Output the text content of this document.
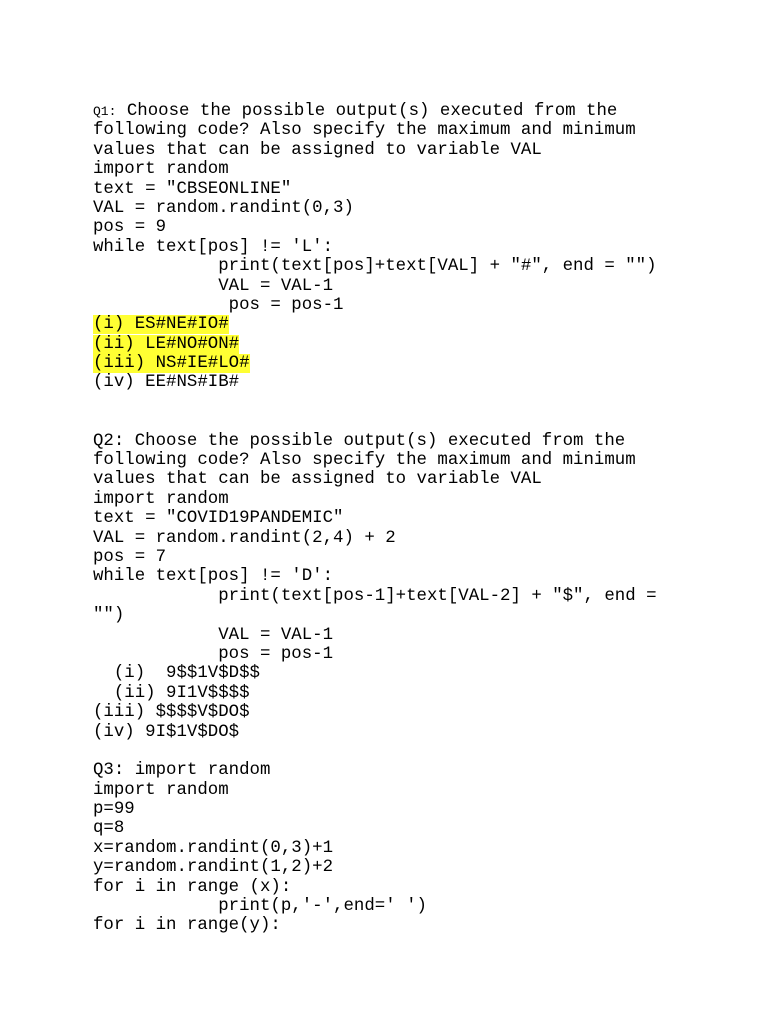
Q1: Choose the possible output(s) executed from the
following code? Also specify the maximum and minimum
values that can be assigned to variable VAL
import random
text = "CBSEONLINE"
VAL = random.randint(0,3)
pos = 9
while text[pos] != 'L':
print(text[pos]+text[VAL] + "#", end = "")
VAL = VAL-1
pos = pos-1
(i) ES#NE#IO#
(ii) LE#NO#ON#
(iii) NS#IE#LO#
(iv) EE#NS#IB#
Q2: Choose the possible output(s) executed from the
following code? Also specify the maximum and minimum
values that can be assigned to variable VAL
import random
text = "COVID19PANDEMIC"
VAL = random.randint(2,4) + 2
pos = 7
while text[pos] != 'D':
print(text[pos-1]+text[VAL-2] + "$", end =
"")
VAL = VAL-1
pos = pos-1
(i)  9$$1V$D$$
(ii) 9I1V$$$$
(iii) $$$$V$DO$
(iv) 9I$1V$DO$
Q3: import random
import random
p=99
q=8
x=random.randint(0,3)+1
y=random.randint(1,2)+2
for i in range (x):
print(p,'-',end=' ')
for i in range(y):
